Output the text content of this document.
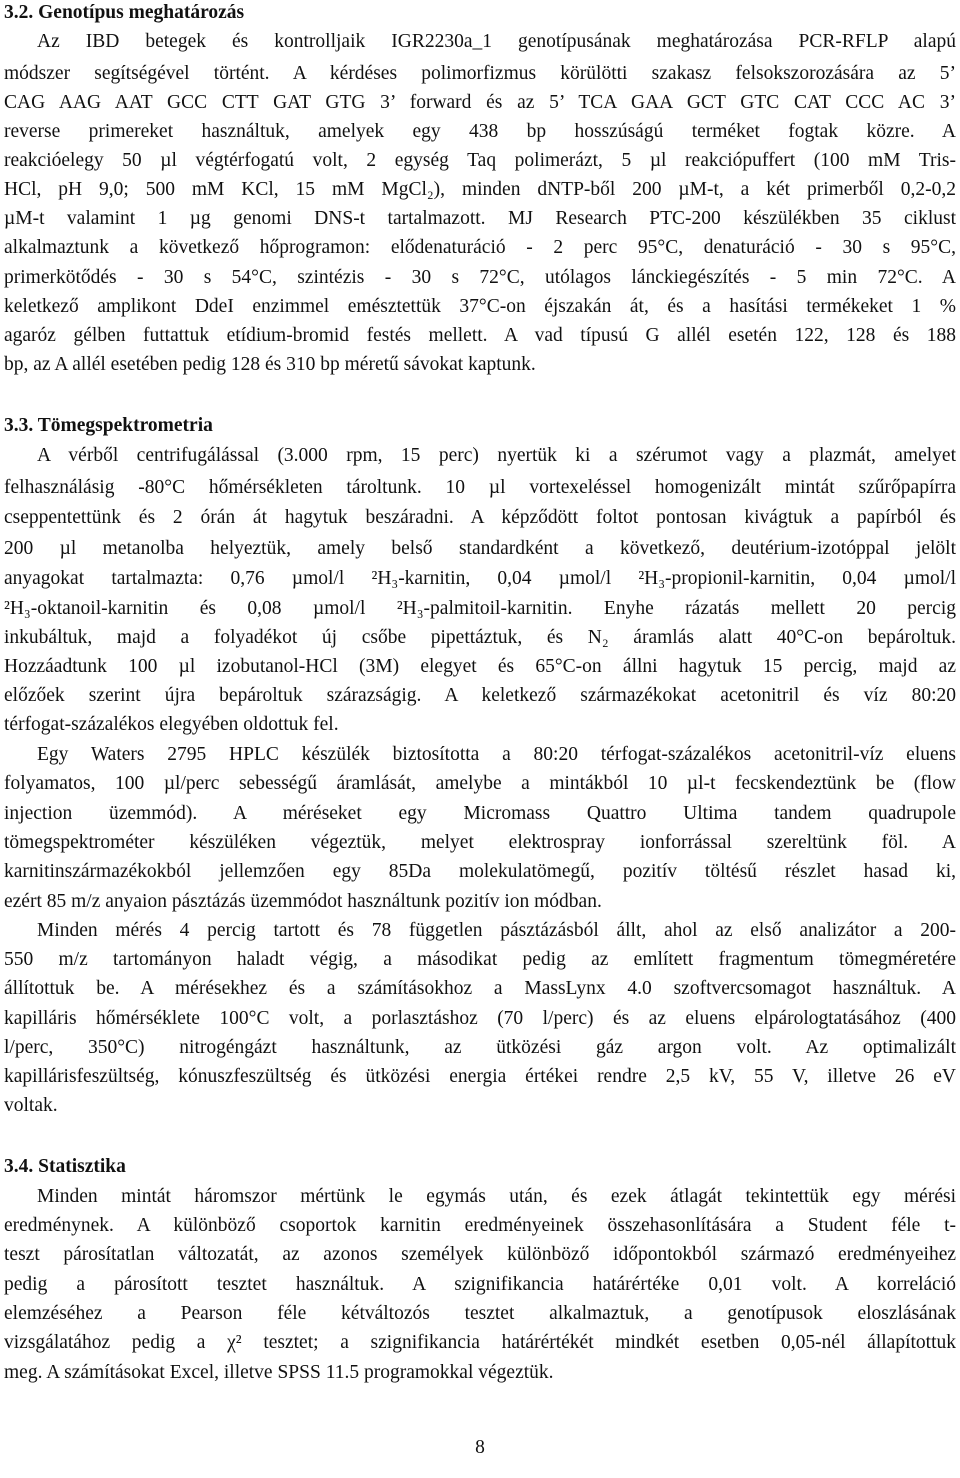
3.2. Genotípus meghatározás
Az IBD betegek és kontrolljaik IGR2230a_1 genotípusának meghatározása PCR-RFLP alapú
módszer segítségével történt. A kérdéses polimorfizmus körülötti szakasz felsokszorozására az 5’
CAG AAG AAT GCC CTT GAT GTG 3’ forward és az 5’ TCA GAA GCT GTC CAT CCC AC 3’
reverse primereket használtuk, amelyek egy 438 bp hosszúságú terméket fogtak közre. A
reakcióelegy 50 µl végtérfogatú volt, 2 egység Taq polimerázt, 5 µl reakciópuffert (100 mM Tris-
HCl, pH 9,0; 500 mM KCl, 15 mM MgCl₂), minden dNTP-ből 200 µM-t, a két primerből 0,2-0,2
µM-t valamint 1 µg genomi DNS-t tartalmazott. MJ Research PTC-200 készülékben 35 ciklust
alkalmaztunk a következő hőprogramon: elődenaturáció - 2 perc 95°C, denaturáció - 30 s 95°C,
primerkötődés - 30 s 54°C, szintézis - 30 s 72°C, utólagos lánckiegészítés - 5 min 72°C. A
keletkező amplikont DdeI enzimmel emésztettük 37°C-on éjszakán át, és a hasítási termékeket 1 %
agaróz gélben futtattuk etídium-bromid festés mellett. A vad típusú G allél esetén 122, 128 és 188
bp, az A allél esetében pedig 128 és 310 bp méretű sávokat kaptunk.
3.3. Tömegspektrometria
A vérből centrifugálással (3.000 rpm, 15 perc) nyertük ki a szérumot vagy a plazmát, amelyet
felhasználásig -80°C hőmérsékleten tároltunk. 10 µl vortexeléssel homogenizált mintát szűrőpapírra
cseppentettünk és 2 órán át hagytuk beszáradni. A képződött foltot pontosan kivágtuk a papírból és
200 µl metanolba helyeztük, amely belső standardként a következő, deutérium-izotóppal jelölt
anyagokat tartalmazta: 0,76 µmol/l ²H₃-karnitin, 0,04 µmol/l ²H₃-propionil-karnitin, 0,04 µmol/l
²H₃-oktanoil-karnitin és 0,08 µmol/l ²H₃-palmitoil-karnitin. Enyhe rázatás mellett 20 percig
inkubáltuk, majd a folyadékot új csőbe pipettáztuk, és N₂ áramlás alatt 40°C-on bepároltuk.
Hozzáadtunk 100 µl izobutanol-HCl (3M) elegyet és 65°C-on állni hagytuk 15 percig, majd az
előzőek szerint újra bepároltuk szárazságig. A keletkező származékokat acetonitril és víz 80:20
térfogat-százalékos elegyében oldottuk fel.
Egy Waters 2795 HPLC készülék biztosította a 80:20 térfogat-százalékos acetonitril-víz eluens
folyamatos, 100 µl/perc sebességű áramlását, amelybe a mintákból 10 µl-t fecskendeztünk be (flow
injection üzemmód). A méréseket egy Micromass Quattro Ultima tandem quadrupole
tömegspektrométer készüléken végeztük, melyet elektrospray ionforrással szereltünk föl. A
karnitinszármazékokból jellemzően egy 85Da molekulatömegű, pozitív töltésű részlet hasad ki,
ezért 85 m/z anyaion pásztázás üzemmódot használtunk pozitív ion módban.
Minden mérés 4 percig tartott és 78 független pásztázásból állt, ahol az első analizátor a 200-
550 m/z tartományon haladt végig, a másodikat pedig az említett fragmentum tömegméretére
állítottuk be. A mérésekhez és a számításokhoz a MassLynx 4.0 szoftvercsomagot használtuk. A
kapilláris hőmérséklete 100°C volt, a porlasztáshoz (70 l/perc) és az eluens elpárologtatásához (400
l/perc, 350°C) nitrogéngázt használtunk, az ütközési gáz argon volt. Az optimalizált
kapillárisfeszültség, kónuszfeszültség és ütközési energia értékei rendre 2,5 kV, 55 V, illetve 26 eV
voltak.
3.4. Statisztika
Minden mintát háromszor mértünk le egymás után, és ezek átlagát tekintettük egy mérési
eredménynek. A különböző csoportok karnitin eredményeinek összehasonlítására a Student féle t-
teszt párosítatlan változatát, az azonos személyek különböző időpontokból származó eredményeihez
pedig a párosított tesztet használtuk. A szignifikancia határértéke 0,01 volt. A korreláció
elemzéséhez a Pearson féle kétváltozós tesztet alkalmaztuk, a genotípusok eloszlásának
vizsgálatához pedig a χ² tesztet; a szignifikancia határértékét mindkét esetben 0,05-nél állapítottuk
meg. A számításokat Excel, illetve SPSS 11.5 programokkal végeztük.
8
